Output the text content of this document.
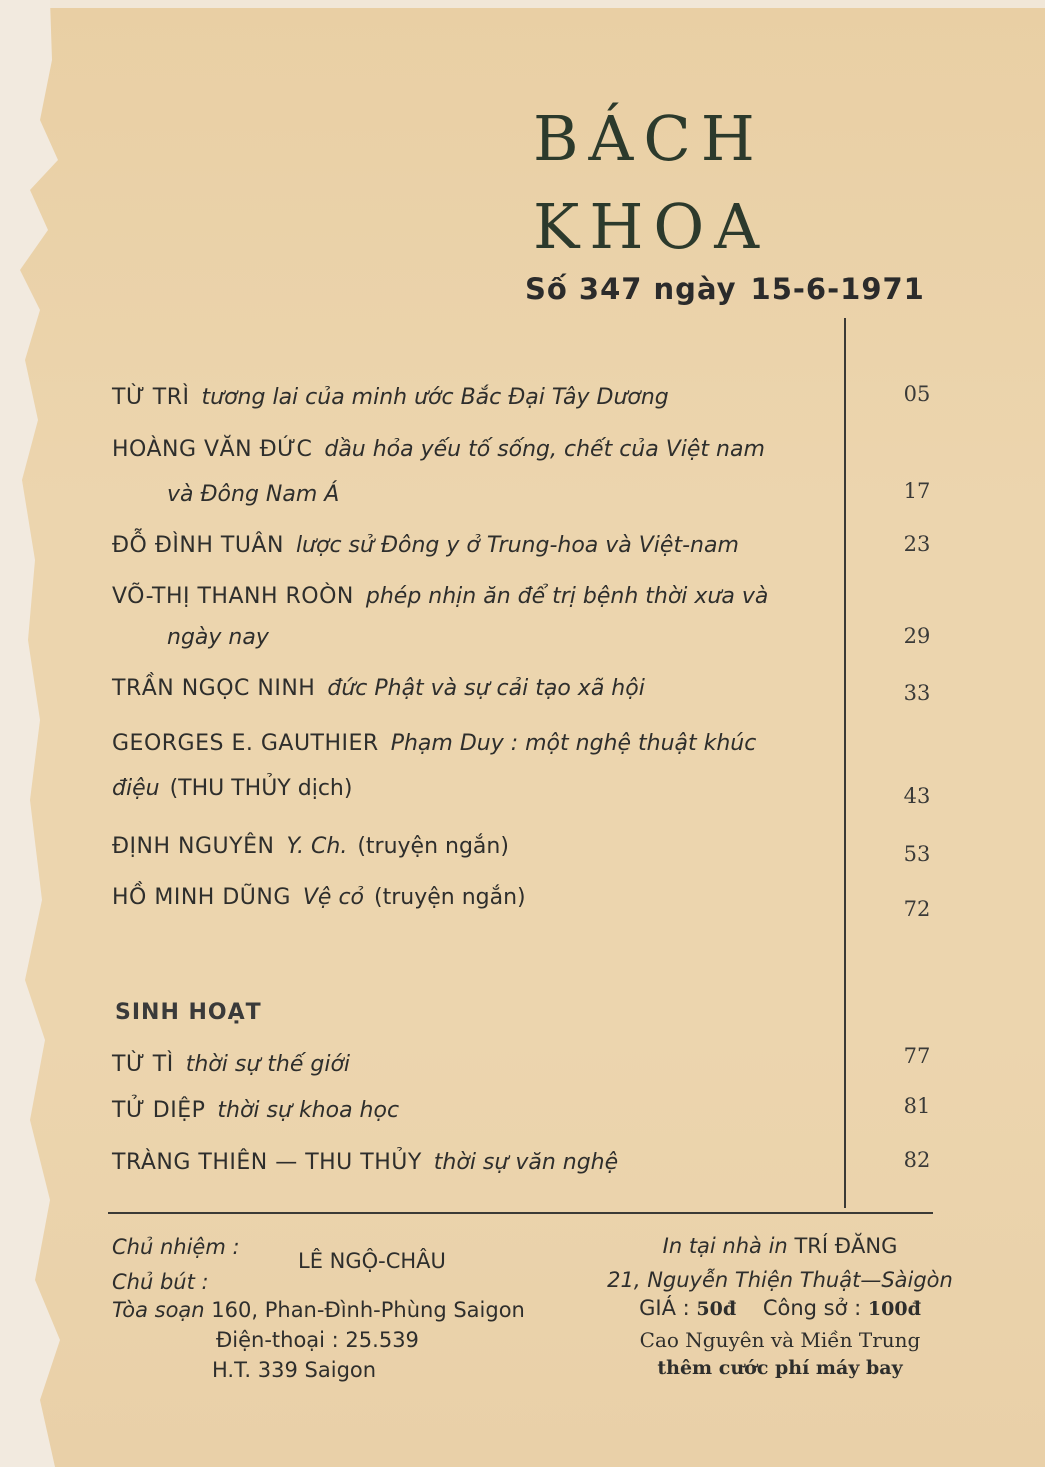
BÁCH
KHOA
Số 347 ngày 15-6-1971
TỪ TRÌ tương lai của minh ước Bắc Đại Tây Dương	05
HOÀNG VĂN ĐỨC dầu hỏa yếu tố sống, chết của Việt nam
và Đông Nam Á	17
ĐỖ ĐÌNH TUÂN lược sử Đông y ở Trung-hoa và Việt-nam	23
VÕ-THỊ THANH ROÒN phép nhịn ăn để trị bệnh thời xưa và
ngày nay	29
TRẦN NGỌC NINH đức Phật và sự cải tạo xã hội	33
GEORGES E. GAUTHIER Phạm Duy : một nghệ thuật khúc
điệu (THU THỦY dịch)	43
ĐỊNH NGUYÊN Y. Ch. (truyện ngắn)	53
HỒ MINH DŨNG Vệ cỏ (truyện ngắn)	72
TỪ TÌ thời sự thế giới	77
TỬ DIỆP thời sự khoa học	81
TRÀNG THIÊN — THU THỦY thời sự văn nghệ	82
SINH HOẠT
Chủ nhiệm :
LÊ NGỘ-CHÂU
Chủ bút :
Tòa soạn 160, Phan-Đình-Phùng Saigon
Điện-thoại : 25.539
H.T. 339 Saigon
In tại nhà in TRÍ ĐĂNG
21, Nguyễn Thiện Thuật—Sàigòn
GIÁ : 50đ Công sở : 100đ
Cao Nguyên và Miền Trung
thêm cước phí máy bay
